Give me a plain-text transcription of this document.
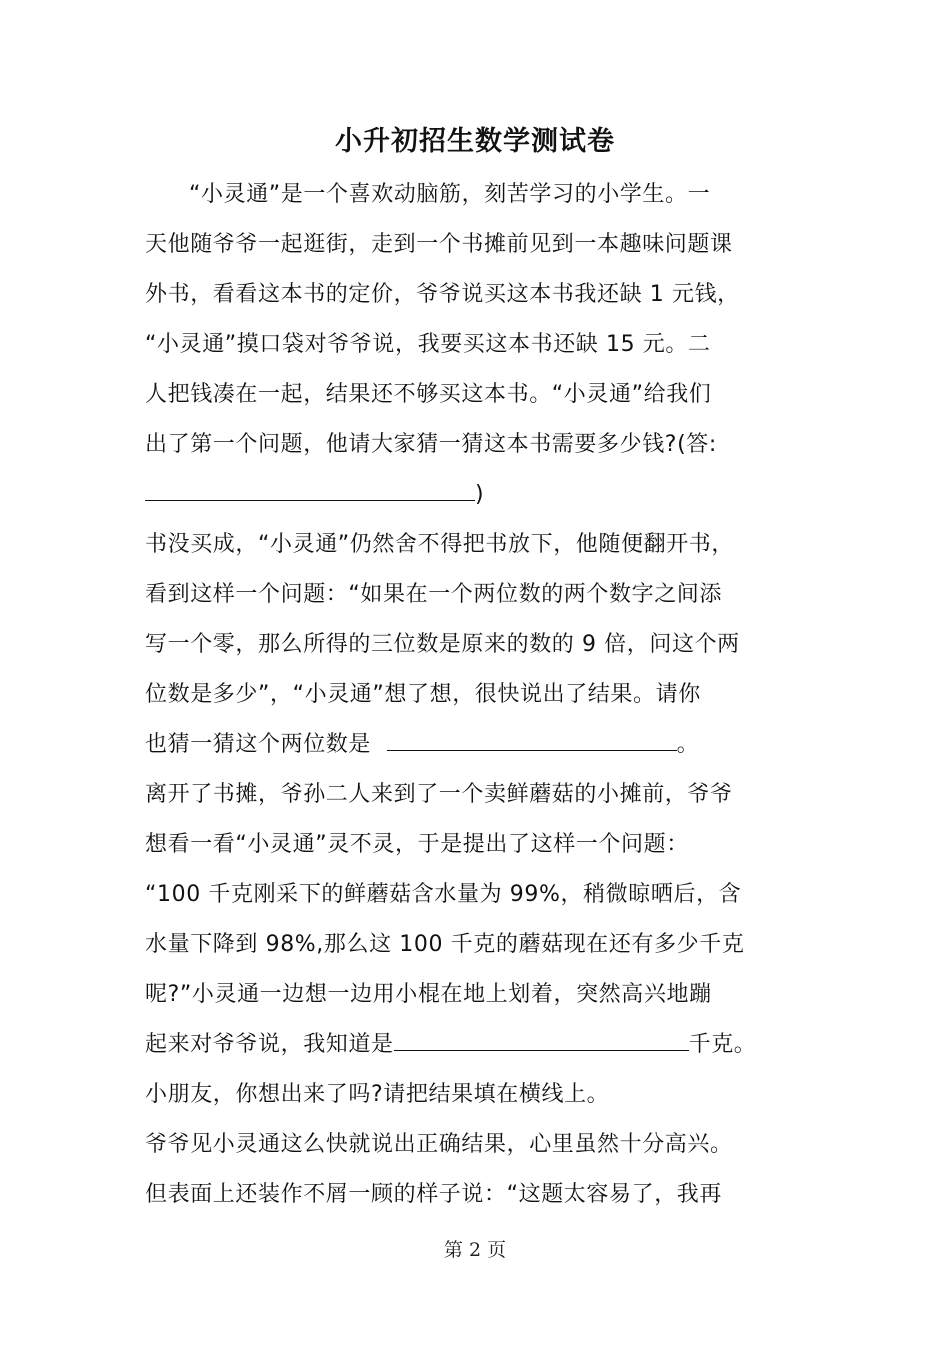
小升初招生数学测试卷
“小灵通”是一个喜欢动脑筋，刻苦学习的小学生。一
天他随爷爷一起逛街，走到一个书摊前见到一本趣味问题课
外书，看看这本书的定价，爷爷说买这本书我还缺 1 元钱，
“小灵通”摸口袋对爷爷说，我要买这本书还缺 15 元。二
人把钱凑在一起，结果还不够买这本书。“小灵通”给我们
出了第一个问题，他请大家猜一猜这本书需要多少钱?(答:
)
书没买成，“小灵通”仍然舍不得把书放下，他随便翻开书，
看到这样一个问题：“如果在一个两位数的两个数字之间添
写一个零，那么所得的三位数是原来的数的 9 倍，问这个两
位数是多少”，“小灵通”想了想，很快说出了结果。请你
也猜一猜这个两位数是	。
离开了书摊，爷孙二人来到了一个卖鲜蘑菇的小摊前，爷爷
想看一看“小灵通”灵不灵，于是提出了这样一个问题：
“100 千克刚采下的鲜蘑菇含水量为 99%，稍微晾晒后，含
水量下降到 98%,那么这 100 千克的蘑菇现在还有多少千克
呢?”小灵通一边想一边用小棍在地上划着，突然高兴地蹦
起来对爷爷说，我知道是	千克。
小朋友，你想出来了吗?请把结果填在横线上。
爷爷见小灵通这么快就说出正确结果，心里虽然十分高兴。
但表面上还装作不屑一顾的样子说：“这题太容易了，我再
第 2 页
